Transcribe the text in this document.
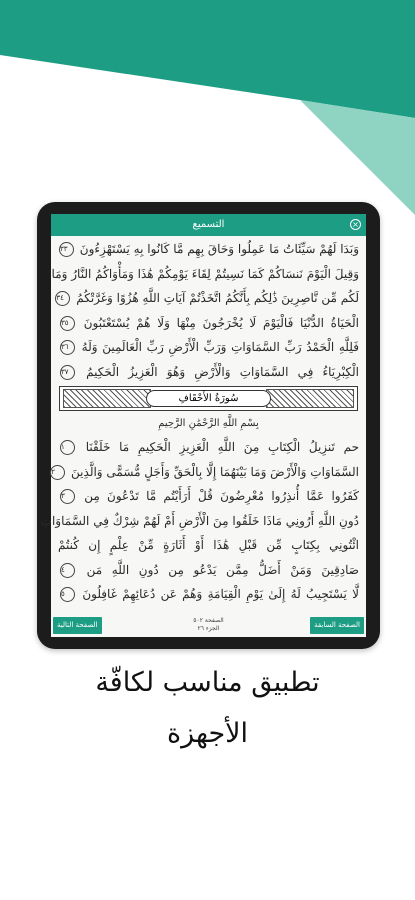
التسميع	×
وَبَدَا لَهُمْ سَيِّئَاتُ مَا عَمِلُوا وَحَاقَ بِهِم مَّا كَانُوا بِهِ يَسْتَهْزِءُونَ ٣٣
وَقِيلَ الْيَوْمَ نَنسَاكُمْ كَمَا نَسِيتُمْ لِقَاءَ يَوْمِكُمْ هَٰذَا وَمَأْوَاكُمُ النَّارُ وَمَا
لَكُم مِّن نَّاصِرِينَ ذَٰلِكُم بِأَنَّكُمُ اتَّخَذْتُمْ آيَاتِ اللَّهِ هُزُوًا وَغَرَّتْكُمُ ٣٤
الْحَيَاةُ الدُّنْيَا فَالْيَوْمَ لَا يُخْرَجُونَ مِنْهَا وَلَا هُمْ يُسْتَعْتَبُونَ ٣٥
فَلِلَّهِ الْحَمْدُ رَبِّ السَّمَاوَاتِ وَرَبِّ الْأَرْضِ رَبِّ الْعَالَمِينَ وَلَهُ ٣٦
الْكِبْرِيَاءُ فِي السَّمَاوَاتِ وَالْأَرْضِ وَهُوَ الْعَزِيزُ الْحَكِيمُ ٣٧
سُورَةُ الأَحْقَافِ
بِسْمِ اللَّهِ الرَّحْمَٰنِ الرَّحِيمِ
حم تَنزِيلُ الْكِتَابِ مِنَ اللَّهِ الْعَزِيزِ الْحَكِيمِ مَا خَلَقْنَا ١
السَّمَاوَاتِ وَالْأَرْضَ وَمَا بَيْنَهُمَا إِلَّا بِالْحَقِّ وَأَجَلٍ مُّسَمًّى وَالَّذِينَ ٢
كَفَرُوا عَمَّا أُنذِرُوا مُعْرِضُونَ قُلْ أَرَأَيْتُم مَّا تَدْعُونَ مِن ٣
دُونِ اللَّهِ أَرُونِي مَاذَا خَلَقُوا مِنَ الْأَرْضِ أَمْ لَهُمْ شِرْكٌ فِي السَّمَاوَاتِ
ائْتُونِي بِكِتَابٍ مِّن قَبْلِ هَٰذَا أَوْ أَثَارَةٍ مِّنْ عِلْمٍ إِن كُنتُمْ
صَادِقِينَ وَمَنْ أَضَلُّ مِمَّن يَدْعُو مِن دُونِ اللَّهِ مَن ٤
لَّا يَسْتَجِيبُ لَهُ إِلَىٰ يَوْمِ الْقِيَامَةِ وَهُمْ عَن دُعَائِهِمْ غَافِلُونَ ٥
الصفحة التالية
الصفحة ٥٠٢
الجزء ٢٦	الصفحة السابقة
تطبيق مناسب لكافّة
الأجهزة
